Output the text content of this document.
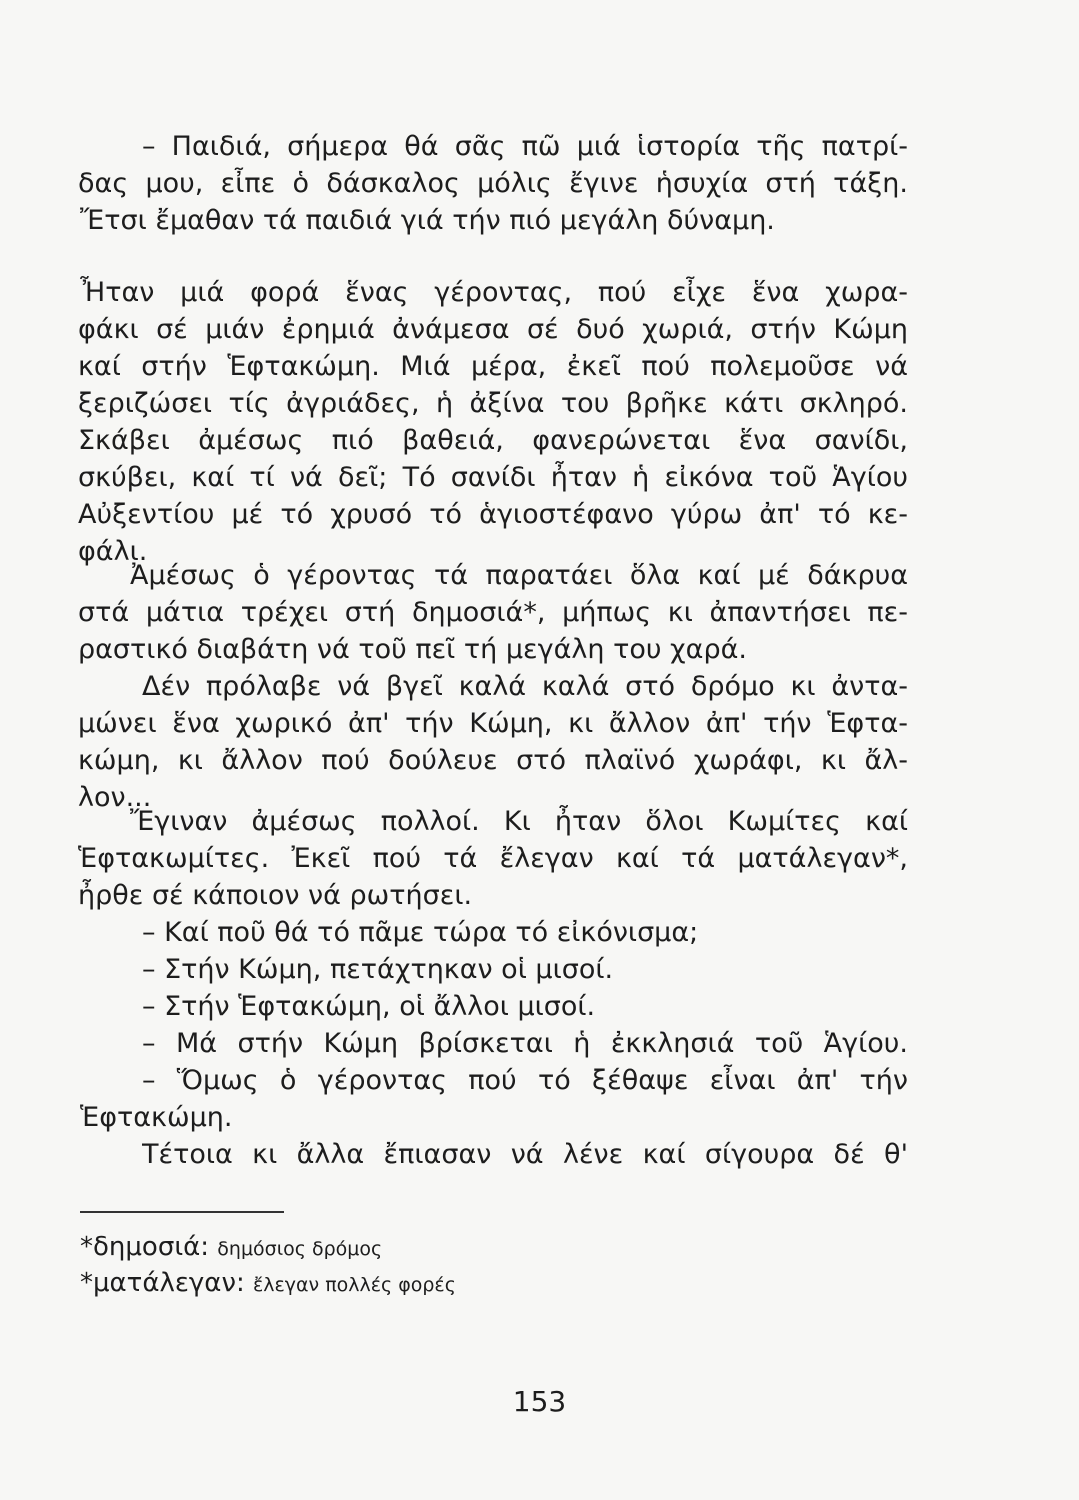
– Παιδιά, σήμερα θά σᾶς πῶ μιά ἱστορία τῆς πατρί-
δας μου, εἶπε ὁ δάσκαλος μόλις ἔγινε ἡσυχία στή τάξη.
Ἔτσι ἔμαθαν τά παιδιά γιά τήν πιό μεγάλη δύναμη.
Ἦταν μιά φορά ἕνας γέροντας, πού εἶχε ἕνα χωρα-
φάκι σέ μιάν ἐρημιά ἀνάμεσα σέ δυό χωριά, στήν Κώμη
καί στήν Ἑφτακώμη. Μιά μέρα, ἐκεῖ πού πολεμοῦσε νά
ξεριζώσει τίς ἀγριάδες, ἡ ἀξίνα του βρῆκε κάτι σκληρό.
Σκάβει ἀμέσως πιό βαθειά, φανερώνεται ἕνα σανίδι,
σκύβει, καί τί νά δεῖ; Τό σανίδι ἦταν ἡ εἰκόνα τοῦ Ἁγίου
Αὐξεντίου μέ τό χρυσό τό ἁγιοστέφανο γύρω ἀπ' τό κε-
φάλι.
Ἀμέσως ὁ γέροντας τά παρατάει ὅλα καί μέ δάκρυα
στά μάτια τρέχει στή δημοσιά*, μήπως κι ἀπαντήσει πε-
ραστικό διαβάτη νά τοῦ πεῖ τή μεγάλη του χαρά.
Δέν πρόλαβε νά βγεῖ καλά καλά στό δρόμο κι ἀντα-
μώνει ἕνα χωρικό ἀπ' τήν Κώμη, κι ἄλλον ἀπ' τήν Ἑφτα-
κώμη, κι ἄλλον πού δούλευε στό πλαϊνό χωράφι, κι ἄλ-
λον...
Ἔγιναν ἀμέσως πολλοί. Κι ἦταν ὅλοι Κωμίτες καί
Ἑφτακωμίτες. Ἐκεῖ πού τά ἔλεγαν καί τά ματάλεγαν*,
ἦρθε σέ κάποιον νά ρωτήσει.
– Καί ποῦ θά τό πᾶμε τώρα τό εἰκόνισμα;
– Στήν Κώμη, πετάχτηκαν οἱ μισοί.
– Στήν Ἑφτακώμη, οἱ ἄλλοι μισοί.
– Μά στήν Κώμη βρίσκεται ἡ ἐκκλησιά τοῦ Ἁγίου.
– Ὅμως ὁ γέροντας πού τό ξέθαψε εἶναι ἀπ' τήν
Ἑφτακώμη.
Τέτοια κι ἄλλα ἔπιασαν νά λένε καί σίγουρα δέ θ'
*δημοσιά: δημόσιος δρόμος
*ματάλεγαν: ἔλεγαν πολλές φορές
153
